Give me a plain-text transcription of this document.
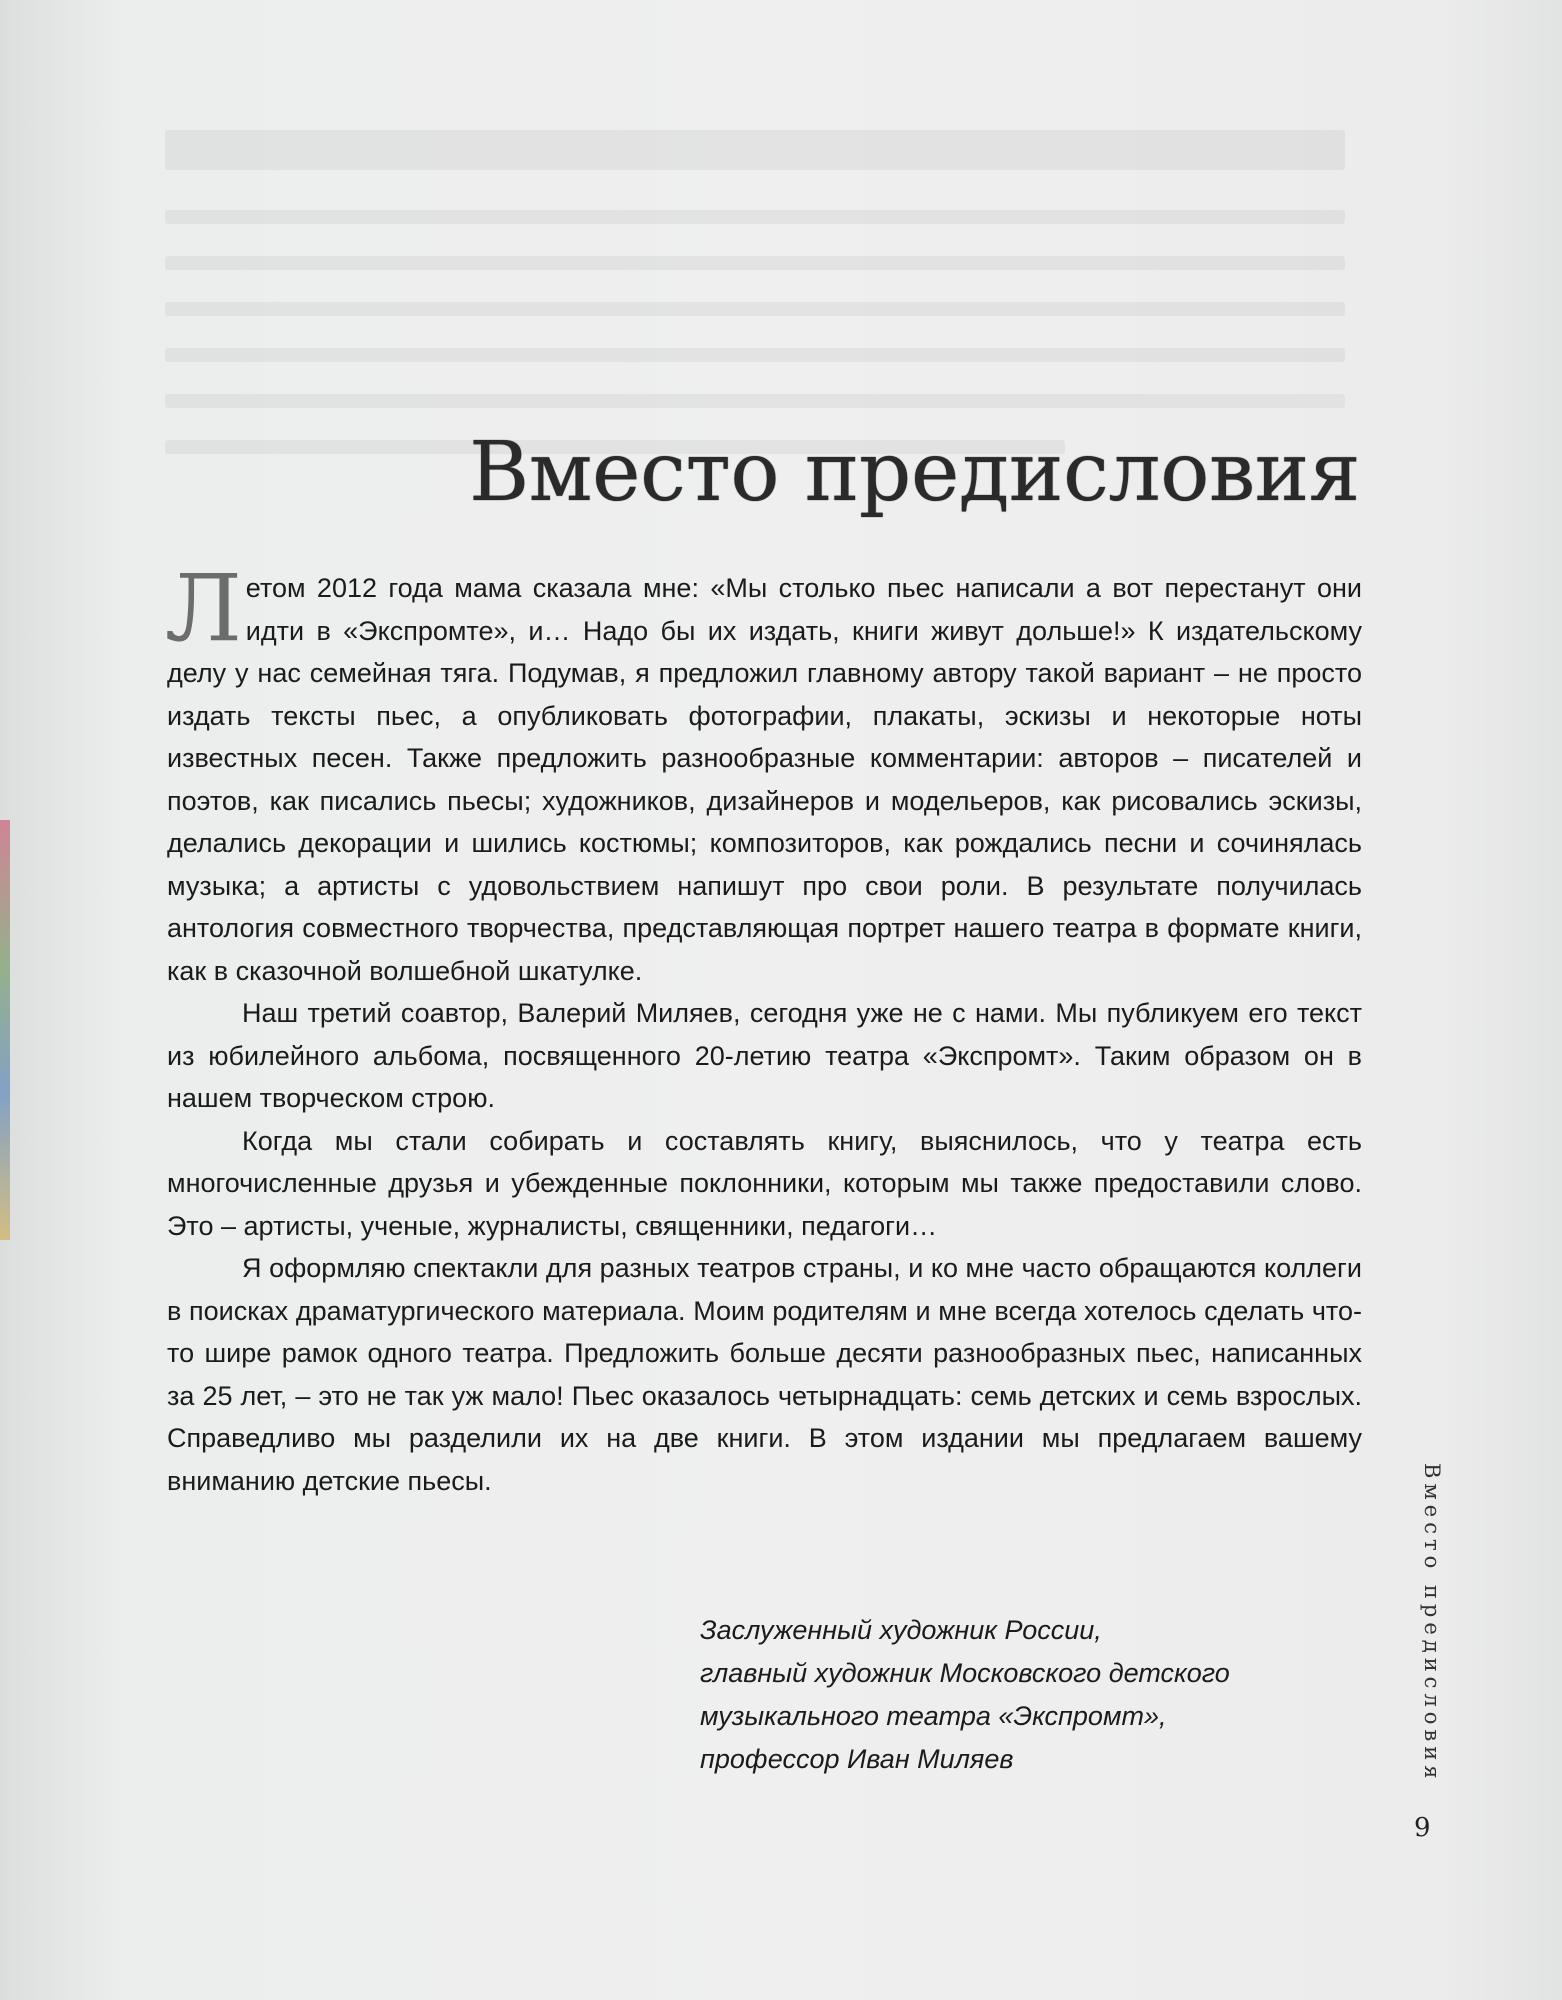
Вместо предисловия

Летом 2012 года мама сказала мне: «Мы столько пьес написали а вот перестанут они идти в «Экспромте», и… Надо бы их издать, книги живут дольше!» К издательскому делу у нас семейная тяга. Подумав, я предложил главному автору такой вариант – не просто издать тексты пьес, а опубликовать фотографии, плакаты, эскизы и некоторые ноты известных песен. Также предложить разнообразные комментарии: авторов – писателей и поэтов, как писались пьесы; художников, дизайнеров и модельеров, как рисовались эскизы, делались декорации и шились костюмы; композиторов, как рождались песни и сочинялась музыка; а артисты с удовольствием напишут про свои роли. В результате получилась антология совместного творчества, представляющая портрет нашего театра в формате книги, как в сказочной волшебной шкатулке.

Наш третий соавтор, Валерий Миляев, сегодня уже не с нами. Мы публикуем его текст из юбилейного альбома, посвященного 20-летию театра «Экспромт». Таким образом он в нашем творческом строю.

Когда мы стали собирать и составлять книгу, выяснилось, что у театра есть многочисленные друзья и убежденные поклонники, которым мы также предоставили слово. Это – артисты, ученые, журналисты, священники, педагоги…

Я оформляю спектакли для разных театров страны, и ко мне часто обращаются коллеги в поисках драматургического материала. Моим родителям и мне всегда хотелось сделать что-то шире рамок одного театра. Предложить больше десяти разнообразных пьес, написанных за 25 лет, – это не так уж мало! Пьес оказалось четырнадцать: семь детских и семь взрослых. Справедливо мы разделили их на две книги. В этом издании мы предлагаем вашему вниманию детские пьесы.

Заслуженный художник России,
главный художник Московского детского
музыкального театра «Экспромт»,
профессор Иван Миляев	Вместо предисловия
9
